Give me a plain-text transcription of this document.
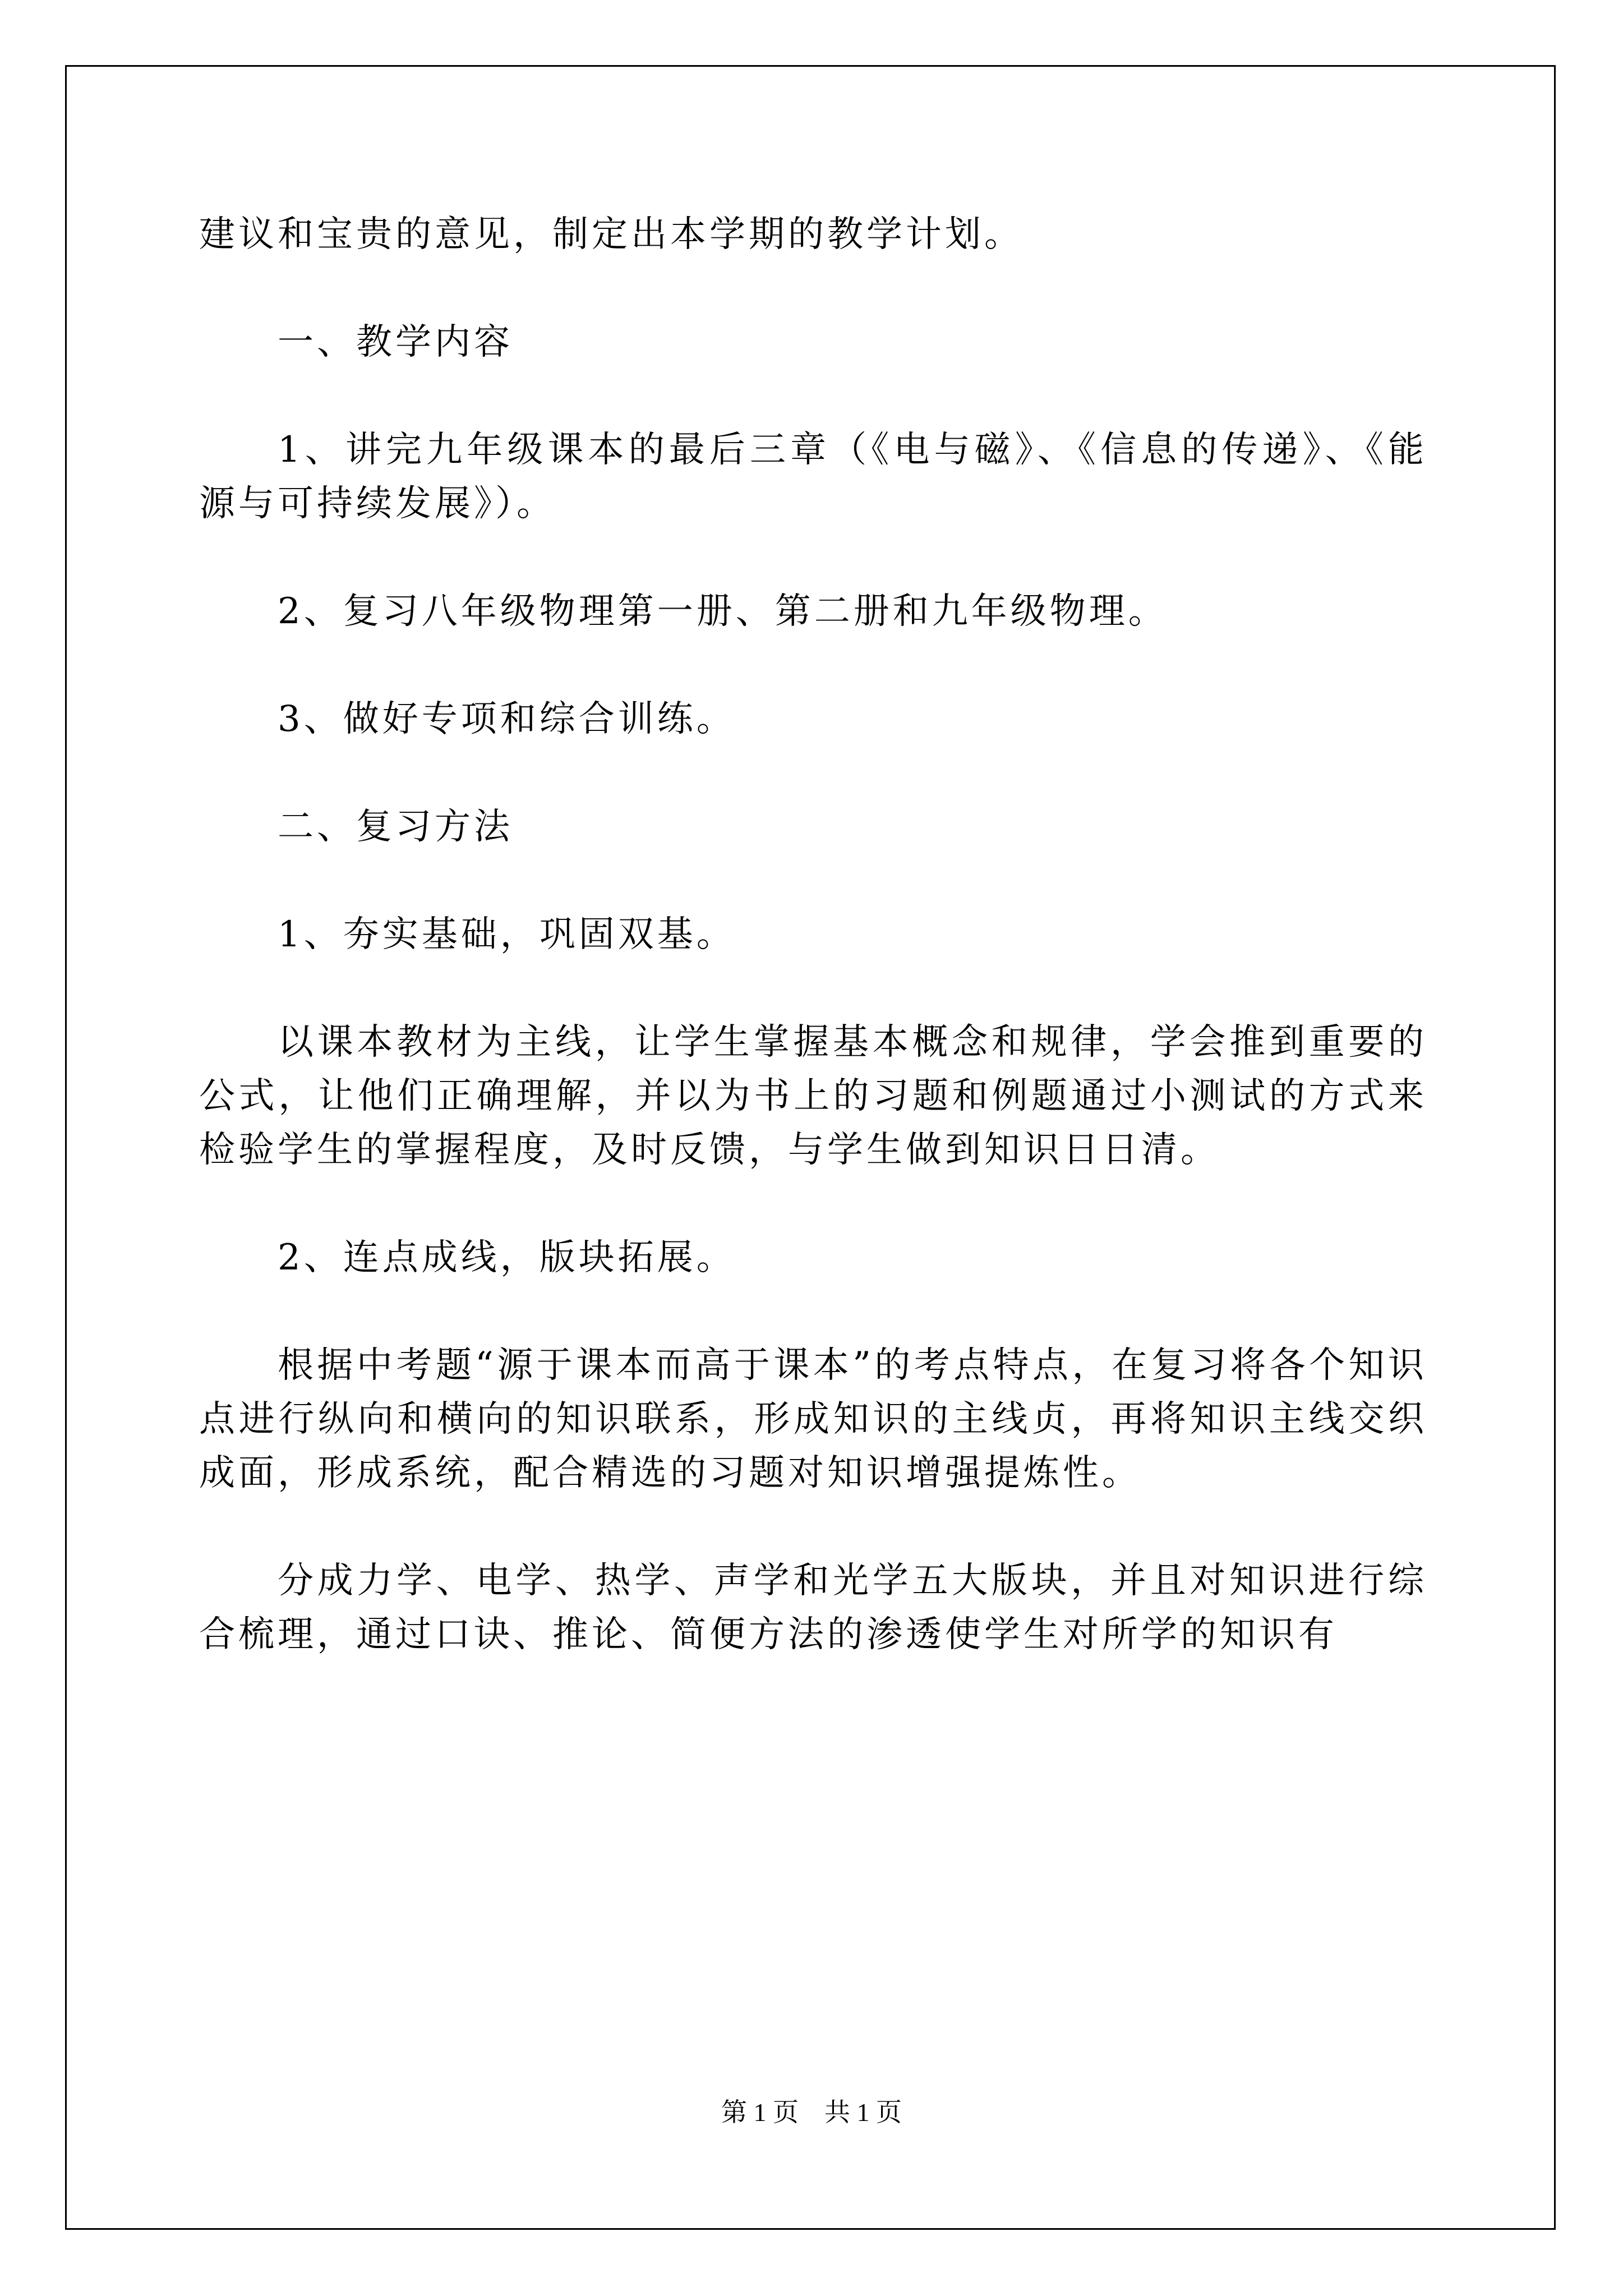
建议和宝贵的意见，制定出本学期的教学计划。

一、教学内容

1、讲完九年级课本的最后三章（《电与磁》、《信息的传递》、《能源与可持续发展》）。

2、复习八年级物理第一册、第二册和九年级物理。

3、做好专项和综合训练。

二、复习方法

1、夯实基础，巩固双基。

以课本教材为主线，让学生掌握基本概念和规律，学会推到重要的公式，让他们正确理解，并以为书上的习题和例题通过小测试的方式来检验学生的掌握程度，及时反馈，与学生做到知识日日清。

2、连点成线，版块拓展。

根据中考题“源于课本而高于课本”的考点特点，在复习将各个知识点进行纵向和横向的知识联系，形成知识的主线贞，再将知识主线交织成面，形成系统，配合精选的习题对知识增强提炼性。

分成力学、电学、热学、声学和光学五大版块，并且对知识进行综合梳理，通过口诀、推论、简便方法的渗透使学生对所学的知识有

第 1 页　共 1 页
